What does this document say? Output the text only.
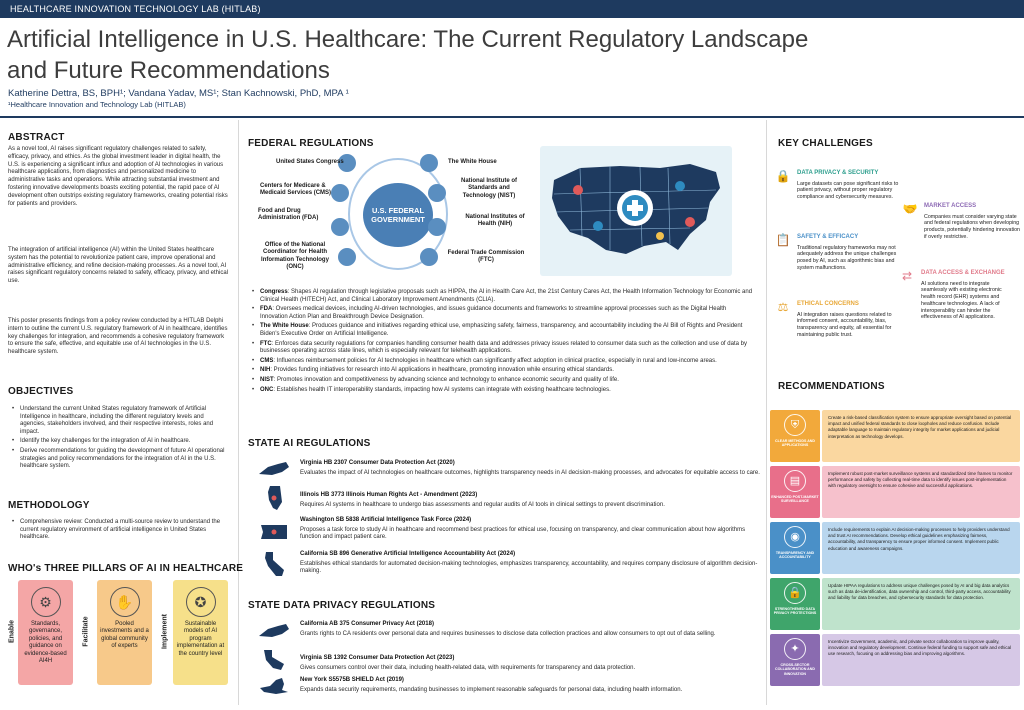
HEALTHCARE INNOVATION TECHNOLOGY LAB (HITLAB)
Artificial Intelligence in U.S. Healthcare: The Current Regulatory Landscape
and Future Recommendations
Katherine Dettra, BS, BPH¹; Vandana Yadav, MS¹; Stan Kachnowski, PhD, MPA ¹
¹Healthcare Innovation and Technology Lab (HITLAB)
ABSTRACT

As a novel tool, AI raises significant regulatory challenges related to safety, efficacy, privacy, and ethics. As the global investment leader in digital health, the U.S. is experiencing a significant influx and adoption of AI technologies in various healthcare applications, from diagnostics and personalized medicine to administrative tasks and operations. While attracting substantial investment and fostering innovative developments boasts exciting potential, the rapid pace of AI development often outstrips existing regulatory frameworks, creating potential risks for patients and providers.

The integration of artificial intelligence (AI) within the United States healthcare system has the potential to revolutionize patient care, improve operational and administrative efficiency, and refine decision-making processes. As a novel tool, AI raises significant regulatory concerns related to safety, efficacy, privacy, and ethical use.

This poster presents findings from a policy review conducted by a HITLAB Delphi intern to outline the current U.S. regulatory framework of AI in healthcare, identifies key challenges for integration, and recommends a cohesive regulatory framework to ensure the safe, effective, and equitable use of AI technologies in the U.S. healthcare system.

OBJECTIVES
• Understand the current United States regulatory framework of Artificial Intelligence in healthcare, including the different regulatory levels and agencies, stakeholders involved, and their respective interests, roles and impact.
• Identify the key challenges for the integration of AI in healthcare.
• Derive recommendations for guiding the development of future AI operational strategies and policy recommendations for the integration of AI in the U.S. healthcare system.
METHODOLOGY
• Comprehensive review: Conducted a multi-source review to understand the current regulatory environment of artificial intelligence in United States healthcare.
WHO's THREE PILLARS OF AI IN HEALTHCARE
Enable
⚙
Standards, governance, policies, and guidance on evidence-based AI4H
Facilitate
✋
Pooled investments and a global community of experts	Implement
✪
Sustainable models of AI program implementation at the country level
FEDERAL REGULATIONS
U.S. FEDERAL GOVERNMENT
United States Congress
Centers for Medicare & Medicaid Services (CMS)
Food and Drug Administration (FDA)
Office of the National Coordinator for Health Information Technology (ONC)
The White House
National Institute of Standards and Technology (NIST)
National Institutes of Health (NIH)
Federal Trade Commission (FTC)
• Congress: Shapes AI regulation through legislative proposals such as HIPPA, the AI in Health Care Act, the 21st Century Cares Act, the Health Information Technology for Economic and Clinical Health (HITECH) Act, and Clinical Laboratory Improvement Amendments (CLIA).
• FDA: Oversees medical devices, including AI-driven technologies, and issues guidance documents and frameworks to streamline approval processes such as the Digital Health Innovation Action Plan and Breakthrough Device Designation.
• The White House: Produces guidance and initiatives regarding ethical use, emphasizing safety, fairness, transparency, and accountability including the AI Bill of Rights and President Biden's Executive Order on Artificial Intelligence.
• FTC: Enforces data security regulations for companies handling consumer health data and addresses privacy issues related to consumer data such as the collection and use of data by businesses operating across state lines, which is especially relevant for telehealth applications.
• CMS: Influences reimbursement policies for AI technologies in healthcare which can significantly affect adoption in clinical practice, especially in rural and low-income areas.
• NIH: Provides funding initiatives for research into AI applications in healthcare, promoting innovation while ensuring ethical standards.
• NIST: Promotes innovation and competitiveness by advancing science and technology to enhance economic security and quality of life.
• ONC: Establishes health IT interoperability standards, impacting how AI systems can integrate with existing healthcare technologies.
STATE AI REGULATIONS
Virginia HB 2307 Consumer Data Protection Act (2020)
Evaluates the impact of AI technologies on healthcare outcomes, highlights transparency needs in AI decision-making processes, and advocates for equitable access to care.
Illinois HB 3773 Illinois Human Rights Act - Amendment (2023)
Requires AI systems in healthcare to undergo bias assessments and regular audits of AI tools in clinical settings to prevent discrimination.
Washington SB 5838 Artificial Intelligence Task Force (2024)
Proposes a task force to study AI in healthcare and recommend best practices for ethical use, focusing on transparency, and clear communication about how algorithms function and impact patient care.
California SB 896 Generative Artificial Intelligence Accountability Act (2024)
Establishes ethical standards for automated decision-making technologies, emphasizes transparency, accountability, and requires company disclosure of algorithm decision-making.
STATE DATA PRIVACY REGULATIONS
California AB 375 Consumer Privacy Act (2018)
Grants rights to CA residents over personal data and requires businesses to disclose data collection practices and allow consumers to opt out of data selling.
Virginia SB 1392 Consumer Data Protection Act (2023)
Gives consumers control over their data, including health-related data, with requirements for transparency and data protection.
New York S5575B SHIELD Act (2019)
Expands data security requirements, mandating businesses to implement reasonable safeguards for personal data, including health information.
KEY CHALLENGES
🔒	DATA PRIVACY & SECURITY
Large datasets can pose significant risks to patient privacy, without proper regulatory compliance and cybersecurity measures.
🤝	MARKET ACCESS
Companies must consider varying state and federal regulations when developing products, potentially hindering innovation if overly restrictive.
📋	SAFETY & EFFICACY
Traditional regulatory frameworks may not adequately address the unique challenges posed by AI, such as algorithmic bias and system malfunctions.
⇄	DATA ACCESS & EXCHANGE
AI solutions need to integrate seamlessly with existing electronic health record (EHR) systems and healthcare technologies. A lack of interoperability can hinder the effectiveness of AI applications.
⚖	ETHICAL CONCERNS
AI integration raises questions related to informed consent, accountability, bias, transparency and equity, all essential for maintaining public trust.
RECOMMENDATIONS
⛨
CLEAR METHODS AND APPLICATIONS
Create a risk-based classification system to ensure appropriate oversight based on potential impact and unified federal standards to close loopholes and reduce confusion. Include adaptable language to maintain regulatory integrity for market applications and judicial interpretation as technology develops.
▤
ENHANCED POST-MARKET SURVEILLANCE
Implement robust post-market surveillance systems and standardized time frames to monitor performance and safety by collecting real-time data to identify issues post-implementation with regulatory oversight to ensure cohesive and successful applications.
◉
TRANSPARENCY AND ACCOUNTABILITY
Include requirements to explain AI decision-making processes to help providers understand and trust AI recommendations. Develop ethical guidelines emphasizing fairness, accountability, and transparency to ensure proper informed consent. Implement public education and awareness campaigns.
🔒
STRENGTHENED DATA PRIVACY PROTECTIONS
Update HIPAA regulations to address unique challenges posed by AI and big data analytics such as data de-identification, data ownership and control, third-party access, accountability and liability for data breaches, and cybersecurity standards for data protection.
✦
CROSS-SECTOR COLLABORATION AND INNOVATION
Incentivize Government, academic, and private sector collaboration to improve quality, innovation and regulatory development. Continue federal funding to support safe and ethical use research, focusing on addressing bias and improving algorithms.
